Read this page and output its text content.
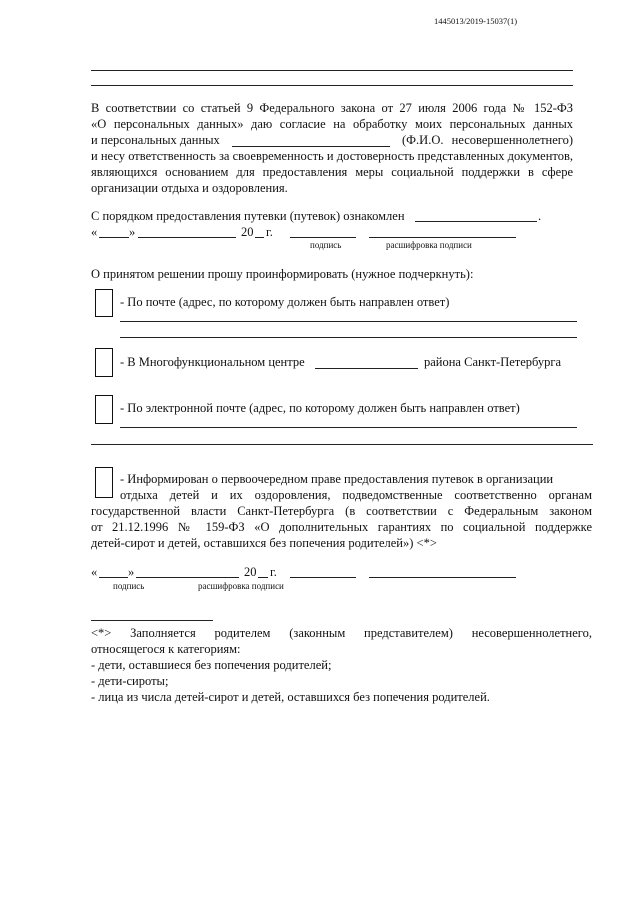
1445013/2019-15037(1)
В соответствии со статьей 9 Федерального закона от 27 июля 2006 года № 152-ФЗ
«О персональных данных» даю согласие на обработку моих персональных данных
и персональных данных	(Ф.И.О. несовершеннолетнего)
и несу ответственность за своевременность и достоверность представленных документов,
являющихся основанием для предоставления меры социальной поддержки в сфере
организации отдыха и оздоровления.
С порядком предоставления путевки (путевок) ознакомлен	.
«	»	20 г.
подпись	расшифровка подписи
О принятом решении прошу проинформировать (нужное подчеркнуть):
- По почте (адрес, по которому должен быть направлен ответ)
- В Многофункциональном центре	района Санкт-Петербурга
- По электронной почте (адрес, по которому должен быть направлен ответ)
- Информирован о первоочередном праве предоставления путевок в организации
отдыха детей и их оздоровления, подведомственные соответственно органам
государственной власти Санкт-Петербурга (в соответствии с Федеральным законом
от 21.12.1996 № 159-ФЗ «О дополнительных гарантиях по социальной поддержке
детей-сирот и детей, оставшихся без попечения родителей») <*>
« »	20 г.
подпись	расшифровка подписи
<*> Заполняется родителем (законным представителем) несовершеннолетнего,
относящегося к категориям:
- дети, оставшиеся без попечения родителей;
- дети-сироты;
- лица из числа детей-сирот и детей, оставшихся без попечения родителей.
